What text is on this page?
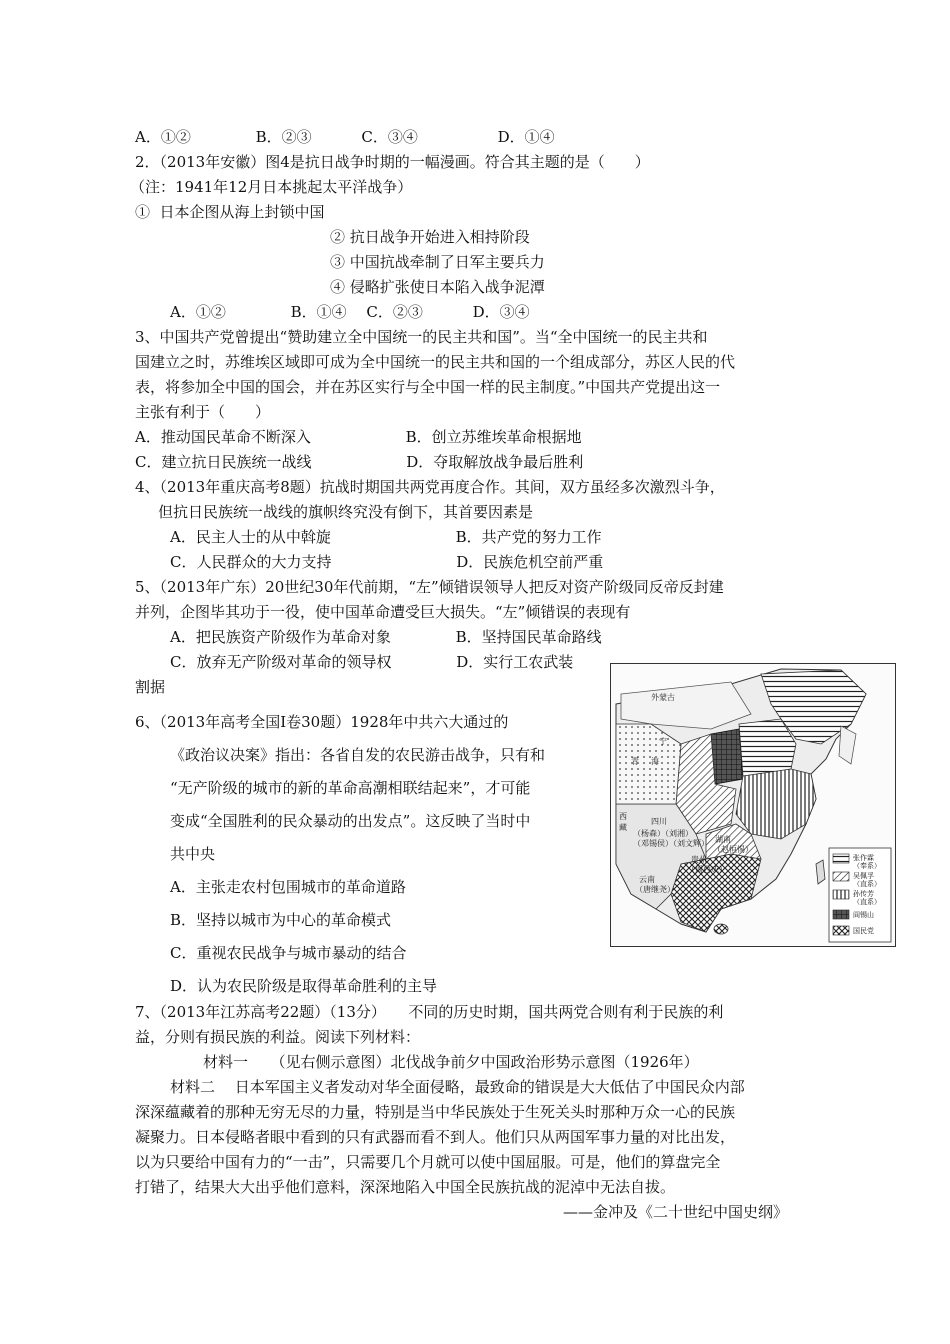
A．①②　　　　 B．②③　　　 C．③④　　　　　 D．①④
2．（2013年安徽）图4是抗日战争时期的一幅漫画。符合其主题的是（　　）
（注：1941年12月日本挑起太平洋战争）
①  日本企图从海上封锁中国
② 抗日战争开始进入相持阶段
③ 中国抗战牵制了日军主要兵力
④ 侵略扩张使日本陷入战争泥潭
A．①②　　　　 B．①④　 C．②③　　　 D．③④
3、中国共产党曾提出“赞助建立全中国统一的民主共和国”。当“全中国统一的民主共和
国建立之时，苏维埃区域即可成为全中国统一的民主共和国的一个组成部分，苏区人民的代
表，将参加全中国的国会，并在苏区实行与全中国一样的民主制度。”中国共产党提出这一
主张有利于（　　）
A．推动国民革命不断深入　　　　　　 B．创立苏维埃革命根据地
C．建立抗日民族统一战线　　　　　　 D．夺取解放战争最后胜利
4、（2013年重庆高考8题）抗战时期国共两党再度合作。其间，双方虽经多次激烈斗争，
但抗日民族统一战线的旗帜终究没有倒下，其首要因素是
A．民主人士的从中斡旋　　　　　　　　 B．共产党的努力工作
C．人民群众的大力支持　　　　　　　　 D．民族危机空前严重
5、（2013年广东）20世纪30年代前期，“左”倾错误领导人把反对资产阶级同反帝反封建
并列，企图毕其功于一役，使中国革命遭受巨大损失。“左”倾错误的表现有
A．把民族资产阶级作为革命对象　　　　 B．坚持国民革命路线
C．放弃无产阶级对革命的领导权　　　　 D．实行工农武装
割据
6、（2013年高考全国Ⅰ卷30题）1928年中共六大通过的
《政治议决案》指出：各省自发的农民游击战争，只有和
“无产阶级的城市的新的革命高潮相联结起来”，才可能
变成“全国胜利的民众暴动的出发点”。这反映了当时中
共中央
A．主张走农村包围城市的革命道路
B．坚持以城市为中心的革命模式
C．重视农民战争与城市暴动的结合
D．认为农民阶级是取得革命胜利的主导
7、（2013年江苏高考22题）（13分）　　不同的历史时期，国共两党合则有利于民族的利
益，分则有损民族的利益。阅读下列材料：
材料一　　（见右侧示意图）北伐战争前夕中国政治形势示意图（1926年）
材料二　 日本军国主义者发动对华全面侵略，最致命的错误是大大低估了中国民众内部
深深蕴藏着的那种无穷无尽的力量，特别是当中华民族处于生死关头时那种万众一心的民族
凝聚力。日本侵略者眼中看到的只有武器而看不到人。他们只从两国军事力量的对比出发，
以为只要给中国有力的“一击”，只需要几个月就可以使中国屈服。可是，他们的算盘完全
打错了，结果大大出乎他们意料，深深地陷入中国全民族抗战的泥淖中无法自拔。
——金冲及《二十世纪中国史纲》
外蒙古
四川
（杨森）（刘湘）
（邓锡侯）（刘文辉） 湖南
（赵恒惕）
贵州
（周西成）
云南
（唐继尧）
西
藏
青 海
宁
张作霖
（奉系）
吴佩孚
（直系）
孙传芳
（直系）
阎锡山
国民党
